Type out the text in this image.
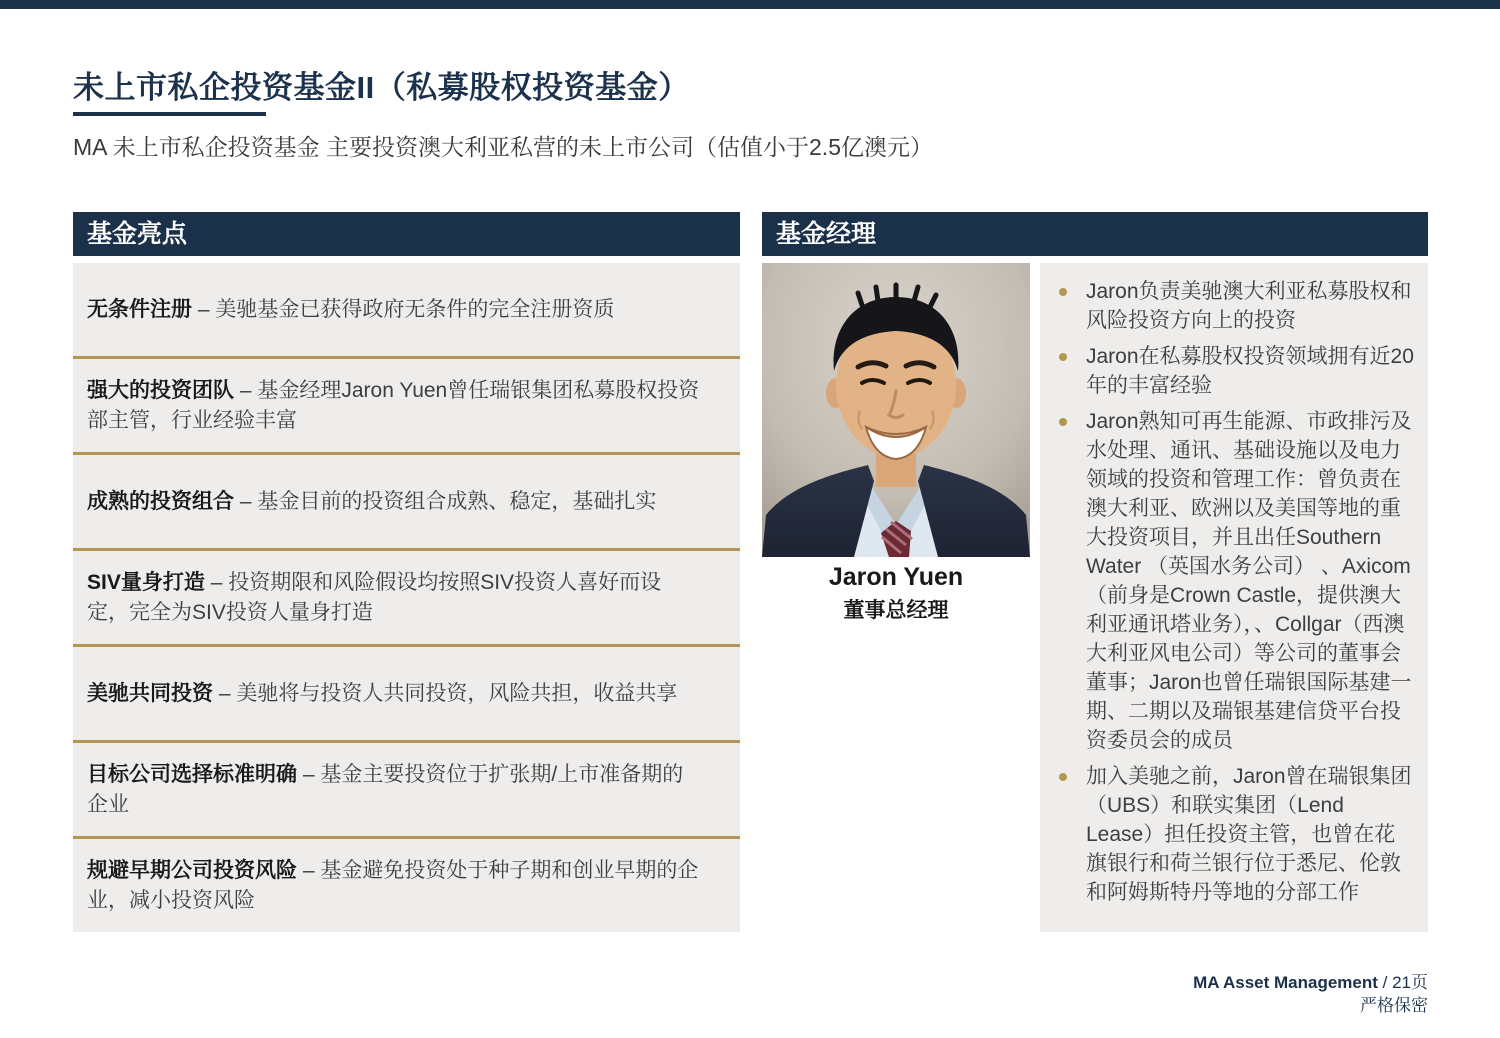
未上市私企投资基金II（私募股权投资基金）
MA 未上市私企投资基金 主要投资澳大利亚私营的未上市公司（估值小于2.5亿澳元）
基金亮点
无条件注册 – 美驰基金已获得政府无条件的完全注册资质
强大的投资团队 – 基金经理Jaron Yuen曾任瑞银集团私募股权投资部主管，行业经验丰富
成熟的投资组合 – 基金目前的投资组合成熟、稳定，基础扎实
SIV量身打造 – 投资期限和风险假设均按照SIV投资人喜好而设定，完全为SIV投资人量身打造
美驰共同投资 – 美驰将与投资人共同投资，风险共担，收益共享
目标公司选择标准明确 – 基金主要投资位于扩张期/上市准备期的企业
规避早期公司投资风险 – 基金避免投资处于种子期和创业早期的企业，减小投资风险
基金经理
Jaron Yuen
董事总经理
Jaron负责美驰澳大利亚私募股权和风险投资方向上的投资
Jaron在私募股权投资领域拥有近20年的丰富经验
Jaron熟知可再生能源、市政排污及水处理、通讯、基础设施以及电力领域的投资和管理工作：曾负责在澳大利亚、欧洲以及美国等地的重大投资项目，并且出任Southern Water （英国水务公司） 、Axicom（前身是Crown Castle，提供澳大利亚通讯塔业务），、Collgar（西澳大利亚风电公司）等公司的董事会董事；Jaron也曾任瑞银国际基建一期、二期以及瑞银基建信贷平台投资委员会的成员
加入美驰之前，Jaron曾在瑞银集团（UBS）和联实集团（Lend Lease）担任投资主管，也曾在花旗银行和荷兰银行位于悉尼、伦敦和阿姆斯特丹等地的分部工作
MA Asset Management / 21页
严格保密
